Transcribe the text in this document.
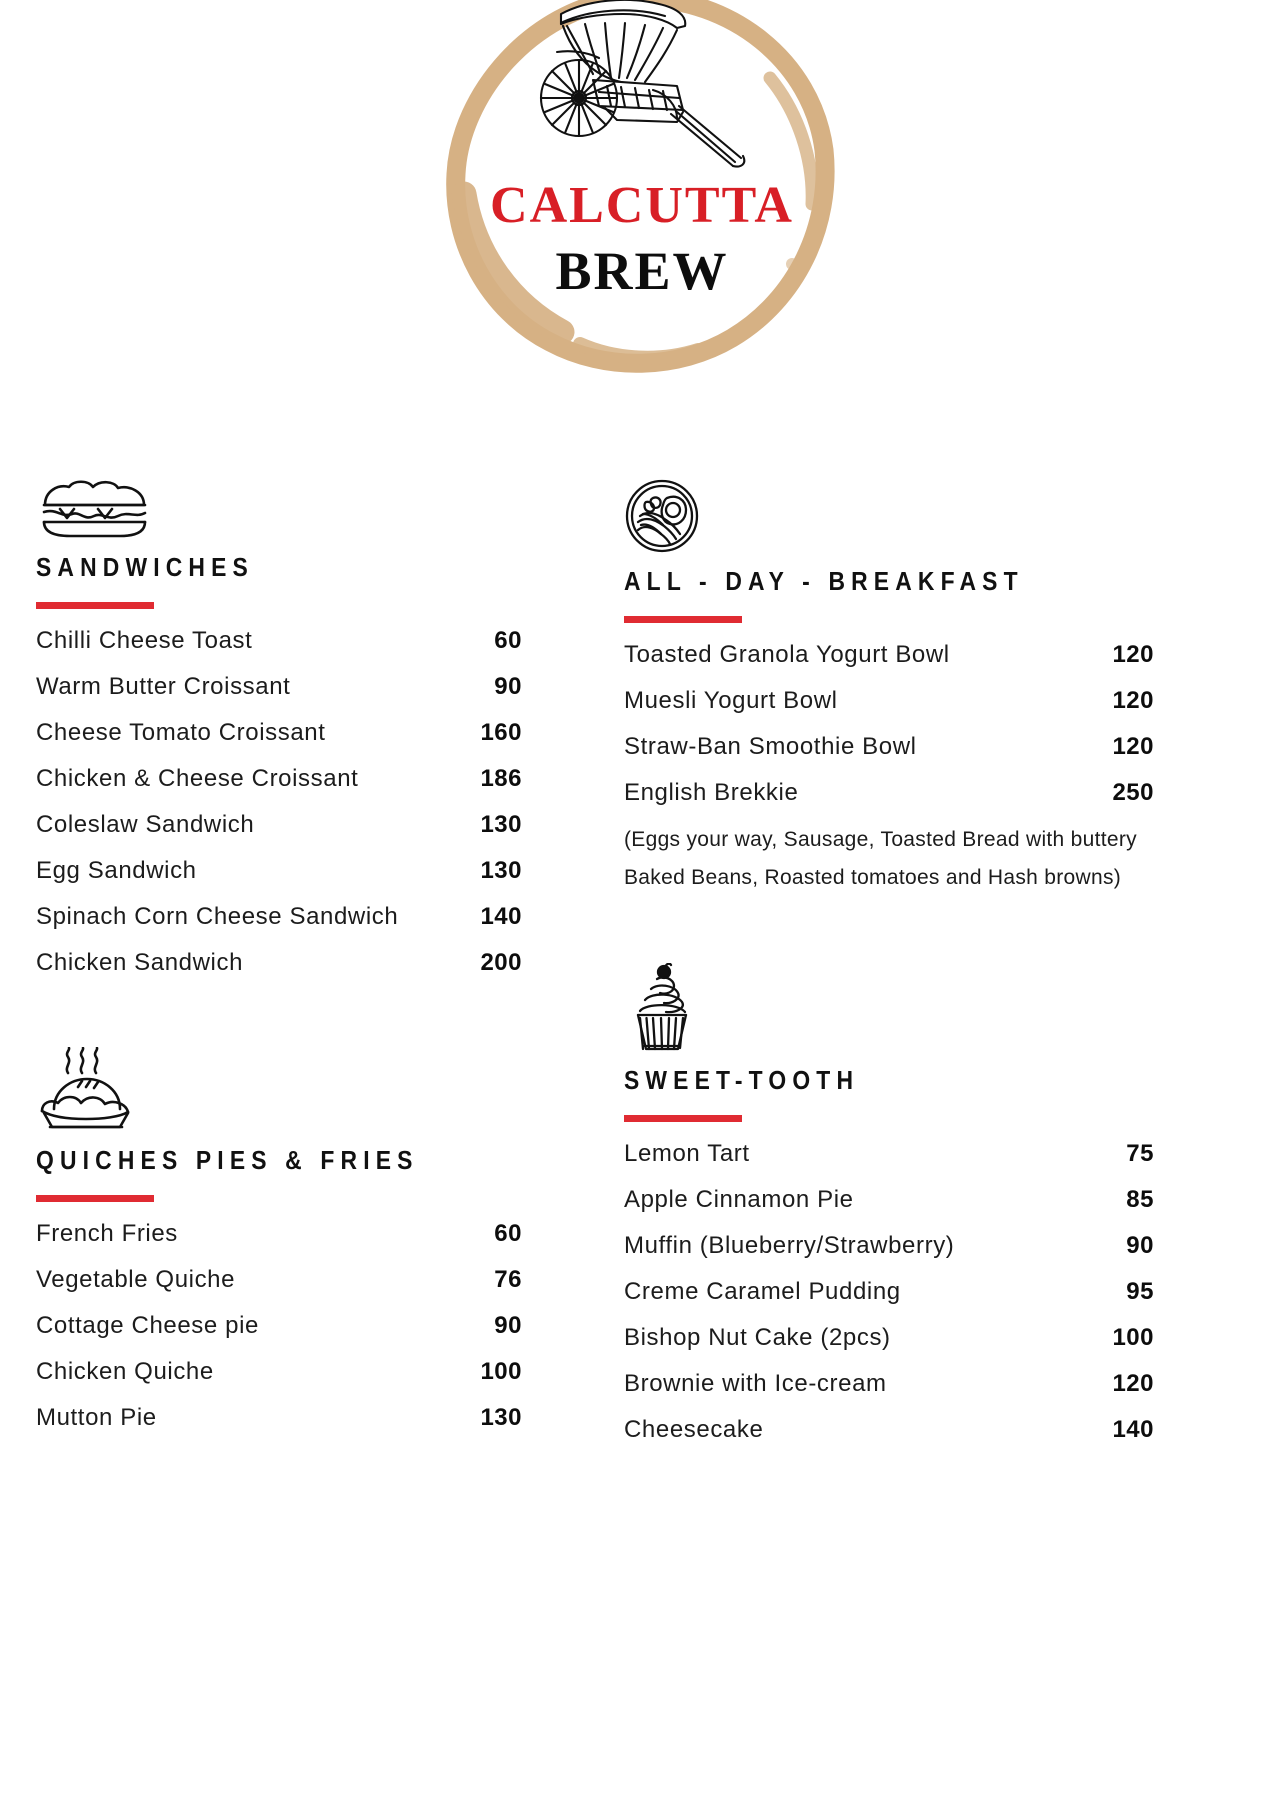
CALCUTTA
BREW
SANDWICHES
Chilli Cheese Toast	60
Warm Butter Croissant	90
Cheese Tomato Croissant	160
Chicken & Cheese Croissant	186
Coleslaw Sandwich	130
Egg Sandwich	130
Spinach Corn Cheese Sandwich	140
Chicken Sandwich	200
QUICHES PIES & FRIES
French Fries	60
Vegetable Quiche	76
Cottage Cheese pie	90
Chicken Quiche	100
Mutton Pie	130
ALL - DAY - BREAKFAST
Toasted Granola Yogurt Bowl	120
Muesli Yogurt Bowl	120
Straw-Ban Smoothie Bowl	120
English Brekkie	250
(Eggs your way, Sausage, Toasted Bread with buttery Baked Beans, Roasted tomatoes and Hash browns)
SWEET-TOOTH
Lemon Tart	75
Apple Cinnamon Pie	85
Muffin (Blueberry/Strawberry)	90
Creme Caramel Pudding	95
Bishop Nut Cake (2pcs)	100
Brownie with Ice-cream	120
Cheesecake	140
